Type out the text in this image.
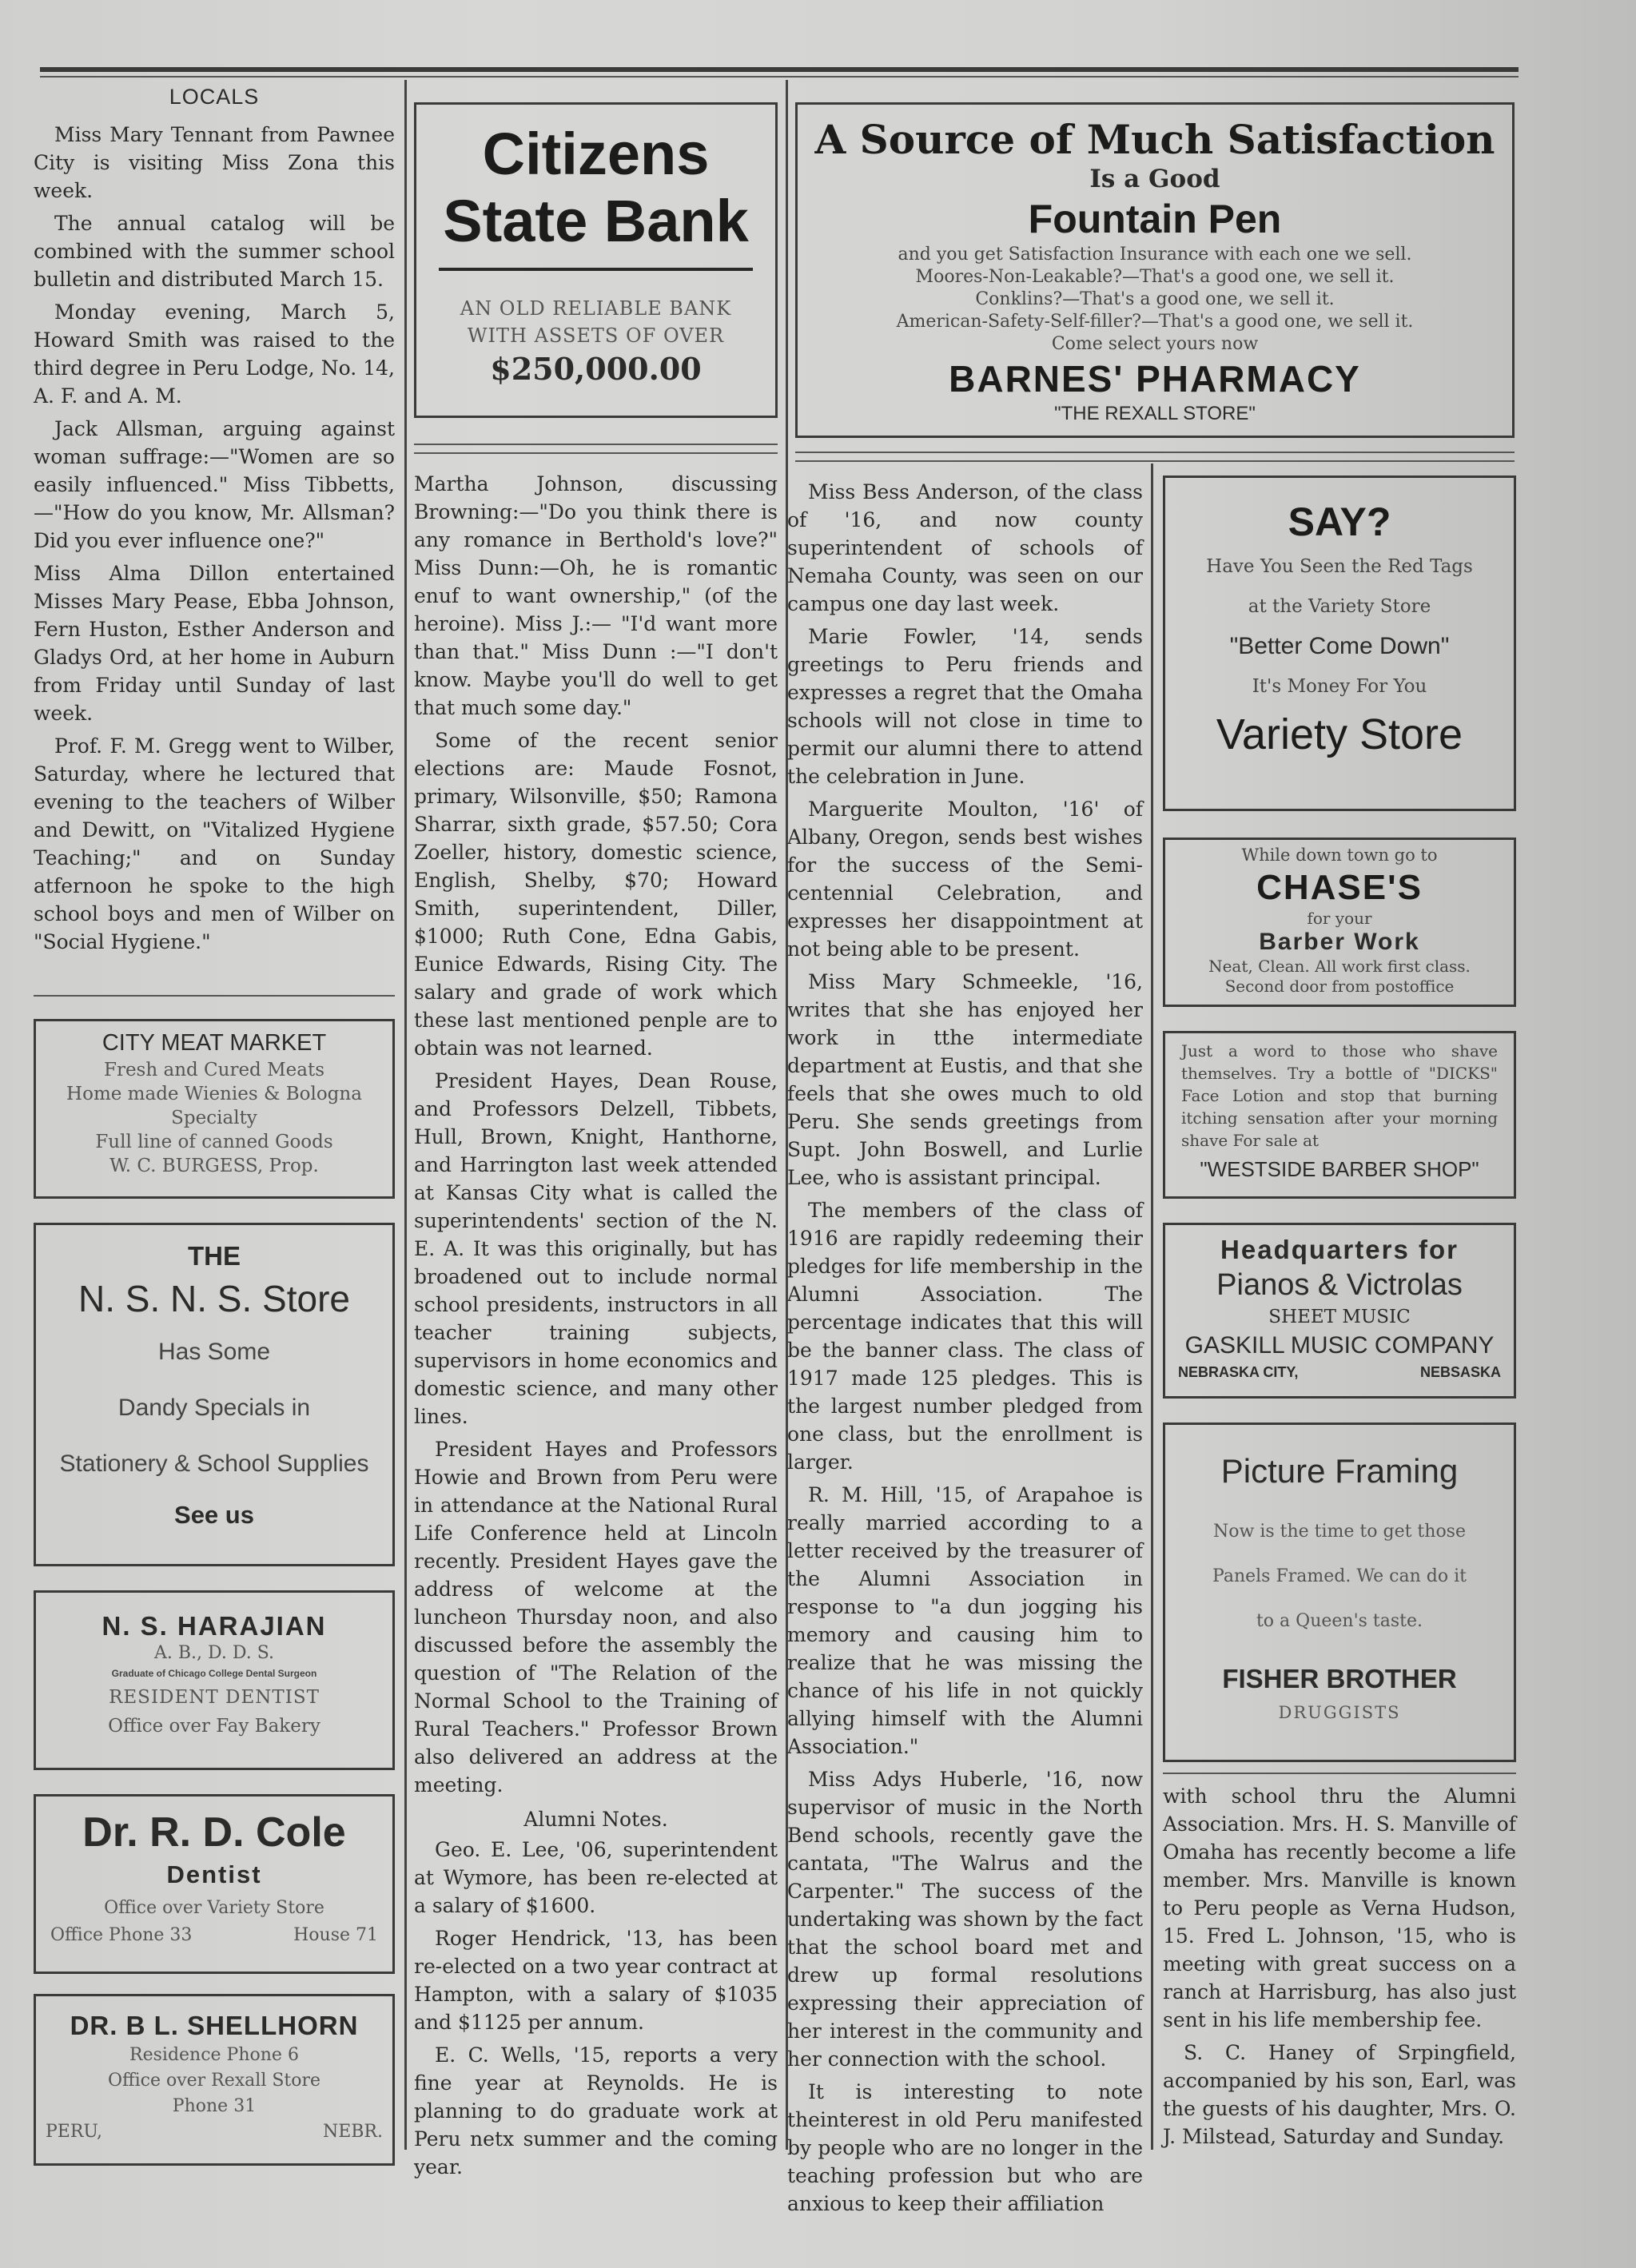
LOCALS

Miss Mary Tennant from Pawnee City is visiting Miss Zona this week.

The annual catalog will be combined with the summer school bulletin and distributed March 15.

Monday evening, March 5, Howard Smith was raised to the third degree in Peru Lodge, No. 14, A. F. and A. M.

Jack Allsman, arguing against woman suffrage:—"Women are so easily influenced." Miss Tibbetts, —"How do you know, Mr. Allsman? Did you ever influence one?"

Miss Alma Dillon entertained Misses Mary Pease, Ebba Johnson, Fern Huston, Esther Anderson and Gladys Ord, at her home in Auburn from Friday until Sunday of last week.

Prof. F. M. Gregg went to Wilber, Saturday, where he lectured that evening to the teachers of Wilber and Dewitt, on "Vitalized Hygiene Teaching;" and on Sunday atfernoon he spoke to the high school boys and men of Wilber on "Social Hygiene."

CITY MEAT MARKET
Fresh and Cured Meats
Home made Wienies & Bologna
Specialty
Full line of canned Goods
W. C. BURGESS, Prop.
THE
N. S. N. S. Store
Has Some
Dandy Specials in
Stationery & School Supplies
See us
N. S. HARAJIAN
A. B., D. D. S.
Graduate of Chicago College Dental Surgeon
RESIDENT DENTIST
Office over Fay Bakery
Dr. R. D. Cole
Dentist
Office over Variety Store
Office Phone 33	House 71
DR. B L. SHELLHORN
Residence Phone 6
Office over Rexall Store
Phone 31
PERU,	NEBR.
Citizens
State Bank
AN OLD RELIABLE BANK
WITH ASSETS OF OVER
$250,000.00

Martha Johnson, discussing Browning:—"Do you think there is any romance in Berthold's love?" Miss Dunn:—Oh, he is romantic enuf to want ownership," (of the heroine). Miss J.:— "I'd want more than that." Miss Dunn :—"I don't know. Maybe you'll do well to get that much some day."

Some of the recent senior elections are: Maude Fosnot, primary, Wilsonville, $50; Ramona Sharrar, sixth grade, $57.50; Cora Zoeller, history, domestic science, English, Shelby, $70; Howard Smith, superintendent, Diller, $1000; Ruth Cone, Edna Gabis, Eunice Edwards, Rising City. The salary and grade of work which these last mentioned penple are to obtain was not learned.

President Hayes, Dean Rouse, and Professors Delzell, Tibbets, Hull, Brown, Knight, Hanthorne, and Harrington last week attended at Kansas City what is called the superintendents' section of the N. E. A. It was this originally, but has broadened out to include normal school presidents, instructors in all teacher training subjects, supervisors in home economics and domestic science, and many other lines.

President Hayes and Professors Howie and Brown from Peru were in attendance at the National Rural Life Conference held at Lincoln recently. President Hayes gave the address of welcome at the luncheon Thursday noon, and also discussed before the assembly the question of "The Relation of the Normal School to the Training of Rural Teachers." Professor Brown also delivered an address at the meeting.

Alumni Notes.

Geo. E. Lee, '06, superintendent at Wymore, has been re-elected at a salary of $1600.

Roger Hendrick, '13, has been re-elected on a two year contract at Hampton, with a salary of $1035 and $1125 per annum.

E. C. Wells, '15, reports a very fine year at Reynolds. He is planning to do graduate work at Peru netx summer and the coming year.

A Source of Much Satisfaction
Is a Good
Fountain Pen
and you get Satisfaction Insurance with each one we sell.
Moores-Non-Leakable?—That's a good one, we sell it.
Conklins?—That's a good one, we sell it.
American-Safety-Self-filler?—That's a good one, we sell it.
Come select yours now
BARNES' PHARMACY
"THE REXALL STORE"

Miss Bess Anderson, of the class of '16, and now county superintendent of schools of Nemaha County, was seen on our campus one day last week.

Marie Fowler, '14, sends greetings to Peru friends and expresses a regret that the Omaha schools will not close in time to permit our alumni there to attend the celebration in June.

Marguerite Moulton, '16' of Albany, Oregon, sends best wishes for the success of the Semi-centennial Celebration, and expresses her disappointment at not being able to be present.

Miss Mary Schmeekle, '16, writes that she has enjoyed her work in tthe intermediate department at Eustis, and that she feels that she owes much to old Peru. She sends greetings from Supt. John Boswell, and Lurlie Lee, who is assistant principal.

The members of the class of 1916 are rapidly redeeming their pledges for life membership in the Alumni Association. The percentage indicates that this will be the banner class. The class of 1917 made 125 pledges. This is the largest number pledged from one class, but the enrollment is larger.

R. M. Hill, '15, of Arapahoe is really married according to a letter received by the treasurer of the Alumni Association in response to "a dun jogging his memory and causing him to realize that he was missing the chance of his life in not quickly allying himself with the Alumni Association."

Miss Adys Huberle, '16, now supervisor of music in the North Bend schools, recently gave the cantata, "The Walrus and the Carpenter." The success of the undertaking was shown by the fact that the school board met and drew up formal resolutions expressing their appreciation of her interest in the community and her connection with the school.

It is interesting to note theinterest in old Peru manifested by people who are no longer in the teaching profession but who are anxious to keep their affiliation

SAY?
Have You Seen the Red Tags
at the Variety Store
"Better Come Down"
It's Money For You
Variety Store
While down town go to
CHASE'S
for your
Barber Work
Neat, Clean. All work first class.
Second door from postoffice
Just a word to those who shave themselves. Try a bottle of "DICKS" Face Lotion and stop that burning itching sensation after your morning shave For sale at
"WESTSIDE BARBER SHOP"
Headquarters for
Pianos & Victrolas
SHEET MUSIC
GASKILL MUSIC COMPANY
NEBRASKA CITY,	NEBSASKA
Picture Framing
Now is the time to get those
Panels Framed. We can do it
to a Queen's taste.
FISHER BROTHER
DRUGGISTS

with school thru the Alumni Association. Mrs. H. S. Manville of Omaha has recently become a life member. Mrs. Manville is known to Peru people as Verna Hudson, 15. Fred L. Johnson, '15, who is meeting with great success on a ranch at Harrisburg, has also just sent in his life membership fee.

S. C. Haney of Srpingfield, accompanied by his son, Earl, was the guests of his daughter, Mrs. O. J. Milstead, Saturday and Sunday.
